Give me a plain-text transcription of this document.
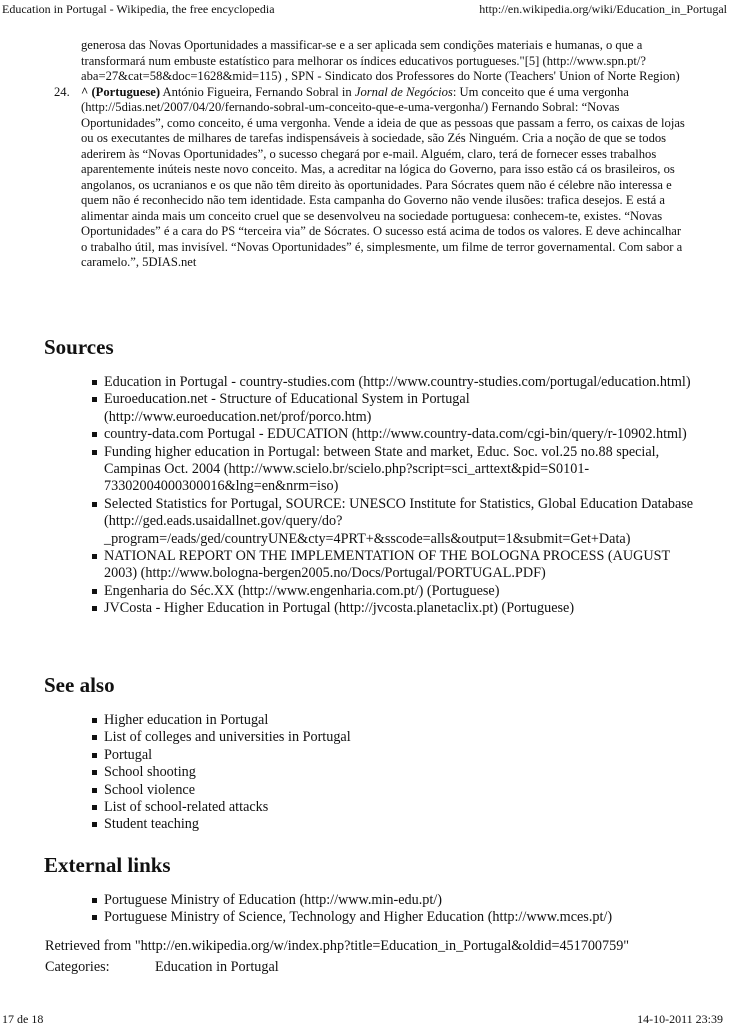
Education in Portugal - Wikipedia, the free encyclopedia	http://en.wikipedia.org/wiki/Education_in_Portugal
generosa das Novas Oportunidades a massificar-se e a ser aplicada sem condições materiais e humanas, o que a transformará num embuste estatístico para melhorar os índices educativos portugueses."[5] (http://www.spn.pt/?aba=27&cat=58&doc=1628&mid=115) , SPN - Sindicato dos Professores do Norte (Teachers' Union of Norte Region)
24. ^ (Portuguese) António Figueira, Fernando Sobral in Jornal de Negócios: Um conceito que é uma vergonha (http://5dias.net/2007/04/20/fernando-sobral-um-conceito-que-e-uma-vergonha/) Fernando Sobral: “Novas Oportunidades”, como conceito, é uma vergonha. Vende a ideia de que as pessoas que passam a ferro, os caixas de lojas ou os executantes de milhares de tarefas indispensáveis à sociedade, são Zés Ninguém. Cria a noção de que se todos aderirem às “Novas Oportunidades”, o sucesso chegará por e-mail. Alguém, claro, terá de fornecer esses trabalhos aparentemente inúteis neste novo conceito. Mas, a acreditar na lógica do Governo, para isso estão cá os brasileiros, os angolanos, os ucranianos e os que não têm direito às oportunidades. Para Sócrates quem não é célebre não interessa e quem não é reconhecido não tem identidade. Esta campanha do Governo não vende ilusões: trafica desejos. E está a alimentar ainda mais um conceito cruel que se desenvolveu na sociedade portuguesa: conhecem-te, existes. “Novas Oportunidades” é a cara do PS “terceira via” de Sócrates. O sucesso está acima de todos os valores. E deve achincalhar o trabalho útil, mas invisível. “Novas Oportunidades” é, simplesmente, um filme de terror governamental. Com sabor a caramelo.”, 5DIAS.net
Sources
Education in Portugal - country-studies.com (http://www.country-studies.com/portugal/education.html)
Euroeducation.net - Structure of Educational System in Portugal (http://www.euroeducation.net/prof/porco.htm)
country-data.com Portugal - EDUCATION (http://www.country-data.com/cgi-bin/query/r-10902.html)
Funding higher education in Portugal: between State and market, Educ. Soc. vol.25 no.88 special, Campinas Oct. 2004 (http://www.scielo.br/scielo.php?script=sci_arttext&pid=S0101-73302004000300016&lng=en&nrm=iso)
Selected Statistics for Portugal, SOURCE: UNESCO Institute for Statistics, Global Education Database (http://ged.eads.usaidallnet.gov/query/do?_program=/eads/ged/countryUNE&cty=4PRT+&sscode=alls&output=1&submit=Get+Data)
NATIONAL REPORT ON THE IMPLEMENTATION OF THE BOLOGNA PROCESS (AUGUST 2003) (http://www.bologna-bergen2005.no/Docs/Portugal/PORTUGAL.PDF)
Engenharia do Séc.XX (http://www.engenharia.com.pt/) (Portuguese)
JVCosta - Higher Education in Portugal (http://jvcosta.planetaclix.pt) (Portuguese)
See also
Higher education in Portugal
List of colleges and universities in Portugal
Portugal
School shooting
School violence
List of school-related attacks
Student teaching
External links
Portuguese Ministry of Education (http://www.min-edu.pt/)
Portuguese Ministry of Science, Technology and Higher Education (http://www.mces.pt/)
Retrieved from "http://en.wikipedia.org/w/index.php?title=Education_in_Portugal&oldid=451700759"
Categories:	Education in Portugal
17 de 18	14-10-2011 23:39
